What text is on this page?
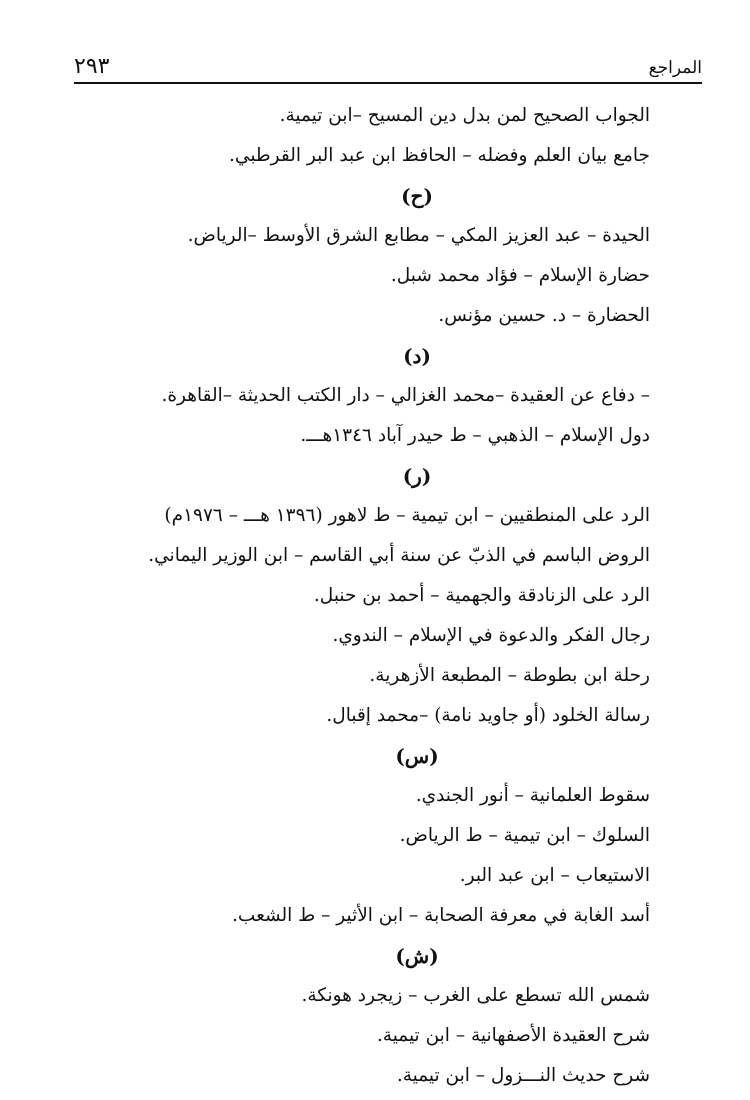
٢٩٣	المراجع
الجواب الصحيح لمن بدل دين المسيح –ابن تيمية.
جامع بيان العلم وفضله – الحافظ ابن عبد البر القرطبي.
(ح)
الحيدة – عبد العزيز المكي – مطابع الشرق الأوسط –الرياض.
حضارة الإسلام – فؤاد محمد شبل.
الحضارة – د. حسين مؤنس.
(د)
– دفاع عن العقيدة –محمد الغزالي – دار الكتب الحديثة –القاهرة.
دول الإسلام – الذهبي – ط حيدر آباد ١٣٤٦هـــ.
(ر)
الرد على المنطقيين – ابن تيمية – ط لاهور (١٣٩٦ هـــ – ١٩٧٦م)
الروض الباسم في الذبّ عن سنة أبي القاسم – ابن الوزير اليماني.
الرد على الزنادقة والجهمية – أحمد بن حنبل.
رجال الفكر والدعوة في الإسلام – الندوي.
رحلة ابن بطوطة – المطبعة الأزهرية.
رسالة الخلود (أو جاويد نامة) –محمد إقبال.
(س)
سقوط العلمانية – أنور الجندي.
السلوك – ابن تيمية – ط الرياض.
الاستيعاب – ابن عبد البر.
أسد الغابة في معرفة الصحابة – ابن الأثير – ط الشعب.
(ش)
شمس الله تسطع على الغرب – زيجرد هونكة.
شرح العقيدة الأصفهانية – ابن تيمية.
شرح حديث النـــزول – ابن تيمية.
